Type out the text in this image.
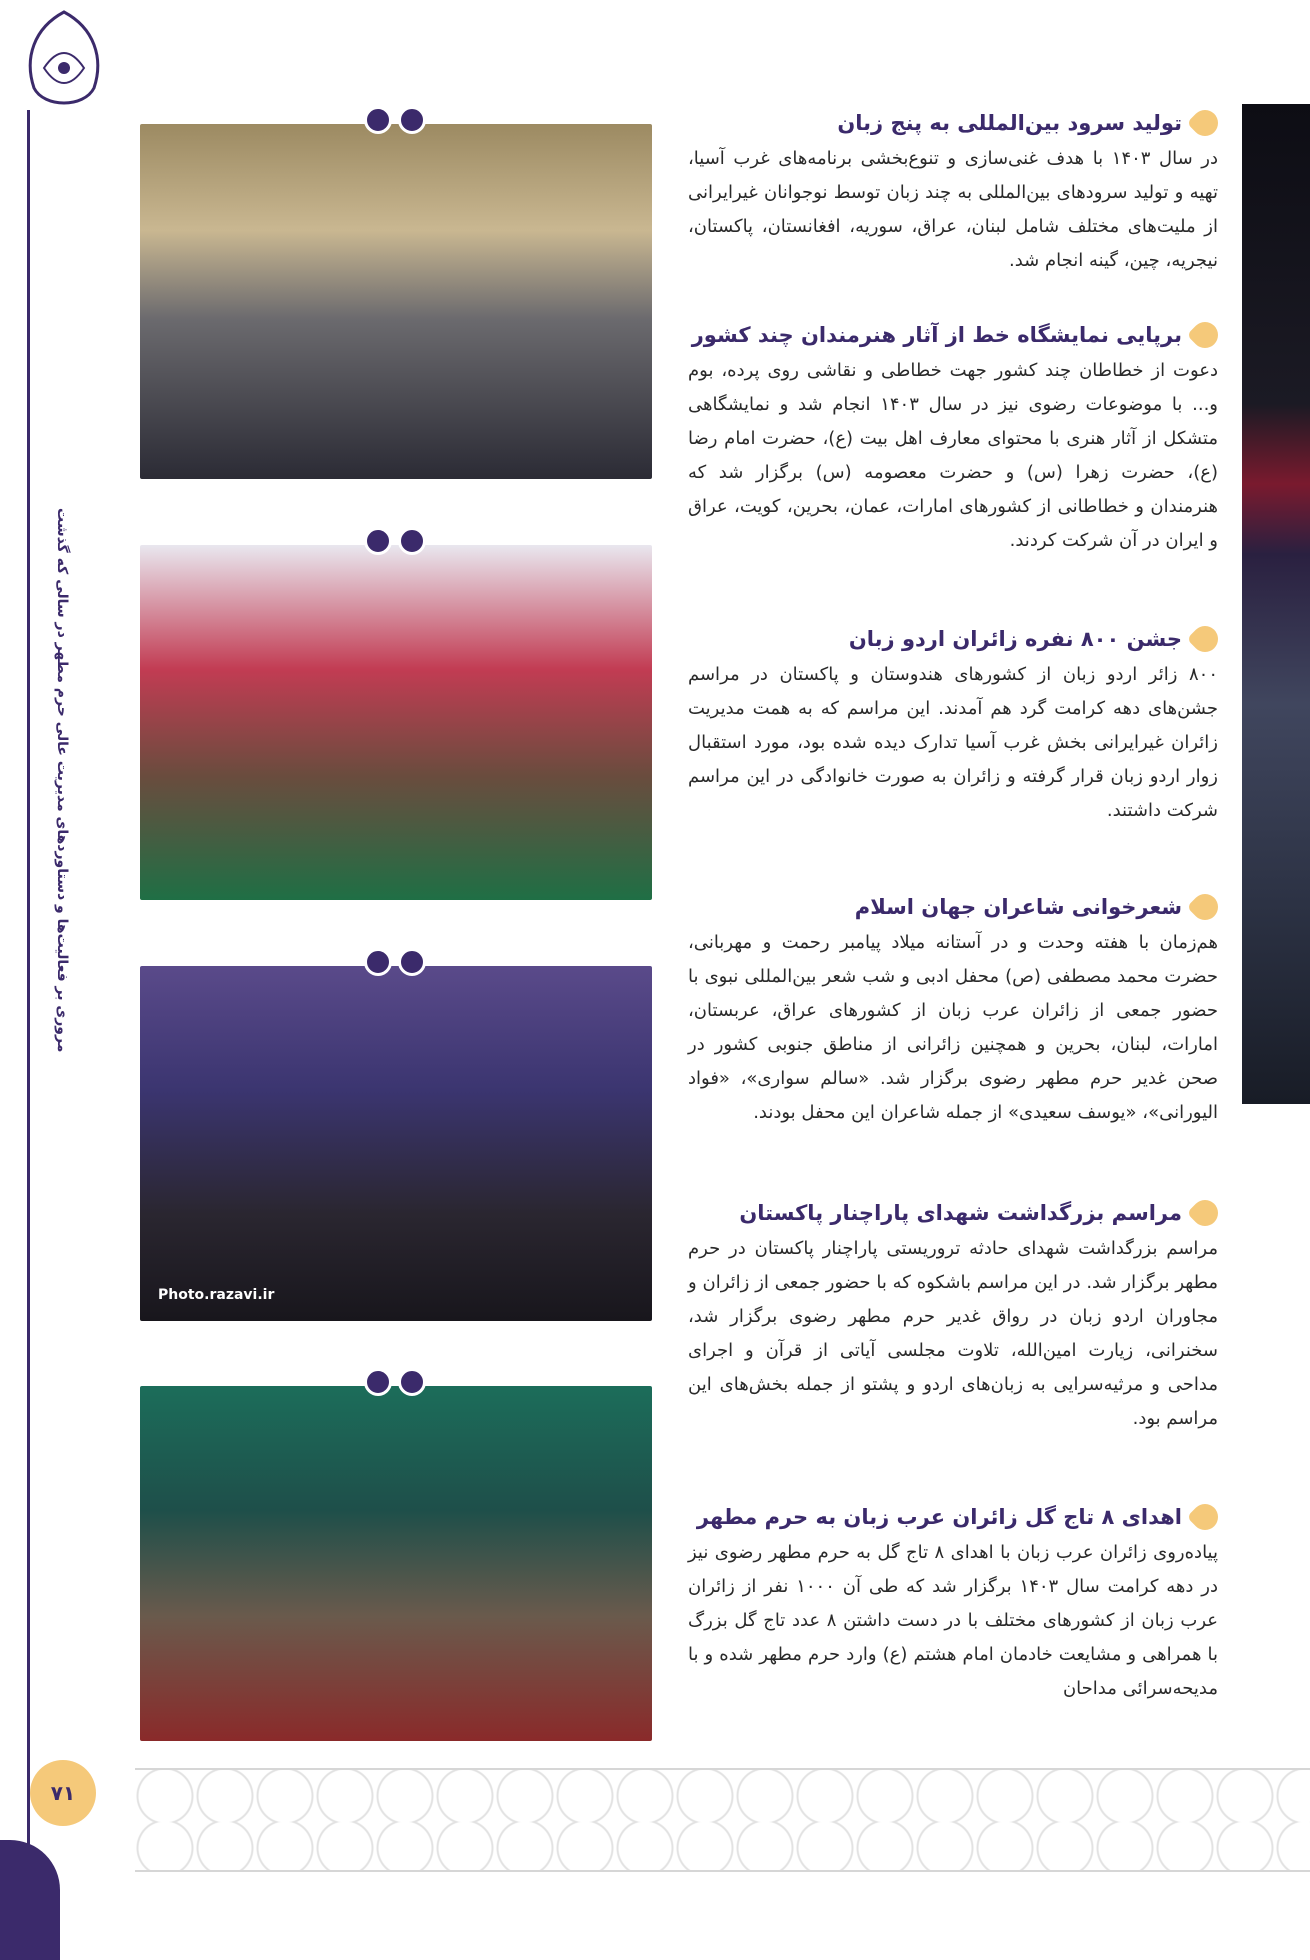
مروری بر فعالیت‌ها و دستاوردهای مدیریت عالی حرم مطهر در سالی که گذشت
۷۱
Photo.razavi.ir
تولید سرود بین‌المللی به پنج زبان
در سال ۱۴۰۳ با هدف غنی‌سازی و تنوع‌بخشی برنامه‌های غرب آسیا، تهیه و تولید سرودهای بین‌المللی به چند زبان توسط نوجوانان غیرایرانی از ملیت‌های مختلف شامل لبنان، عراق، سوریه، افغانستان، پاکستان، نیجریه، چین، گینه انجام شد.
برپایی نمایشگاه خط از آثار هنرمندان چند کشور
دعوت از خطاطان چند کشور جهت خطاطی و نقاشی روی پرده، بوم و... با موضوعات رضوی نیز در سال ۱۴۰۳ انجام شد و نمایشگاهی متشکل از آثار هنری با محتوای معارف اهل بیت (ع)، حضرت امام رضا (ع)، حضرت زهرا (س) و حضرت معصومه (س) برگزار شد که هنرمندان و خطاطانی از کشورهای امارات، عمان، بحرین، کویت، عراق و ایران در آن شرکت کردند.
جشن ۸۰۰ نفره زائران اردو زبان
۸۰۰ زائر اردو زبان از کشورهای هندوستان و پاکستان در مراسم جشن‌های دهه کرامت گرد هم آمدند. این مراسم که به همت مدیریت زائران غیرایرانی بخش غرب آسیا تدارک دیده شده بود، مورد استقبال زوار اردو زبان قرار گرفته و زائران به صورت خانوادگی در این مراسم شرکت داشتند.
شعرخوانی شاعران جهان اسلام
هم‌زمان با هفته وحدت و در آستانه میلاد پیامبر رحمت و مهربانی، حضرت محمد مصطفی (ص) محفل ادبی و شب شعر بین‌المللی نبوی با حضور جمعی از زائران عرب زبان از کشورهای عراق، عربستان، امارات، لبنان، بحرین و همچنین زائرانی از مناطق جنوبی کشور در صحن غدیر حرم مطهر رضوی برگزار شد. «سالم سواری»، «فواد الیورانی»، «یوسف سعیدی» از جمله شاعران این محفل بودند.
مراسم بزرگداشت شهدای پاراچنار پاکستان
مراسم بزرگداشت شهدای حادثه تروریستی پاراچنار پاکستان در حرم مطهر برگزار شد. در این مراسم باشکوه که با حضور جمعی از زائران و مجاوران اردو زبان در رواق غدیر حرم مطهر رضوی برگزار شد، سخنرانی، زیارت امین‌الله، تلاوت مجلسی آیاتی از قرآن و اجرای مداحی و مرثیه‌سرایی به زبان‌های اردو و پشتو از جمله بخش‌های این مراسم بود.
اهدای ۸ تاج گل زائران عرب زبان به حرم مطهر
پیاده‌روی زائران عرب زبان با اهدای ۸ تاج گل به حرم مطهر رضوی نیز در دهه کرامت سال ۱۴۰۳ برگزار شد که طی آن ۱۰۰۰ نفر از زائران عرب زبان از کشورهای مختلف با در دست داشتن ۸ عدد تاج گل بزرگ با همراهی و مشایعت خادمان امام هشتم (ع) وارد حرم مطهر شده و با مدیحه‌سرائی مداحان
